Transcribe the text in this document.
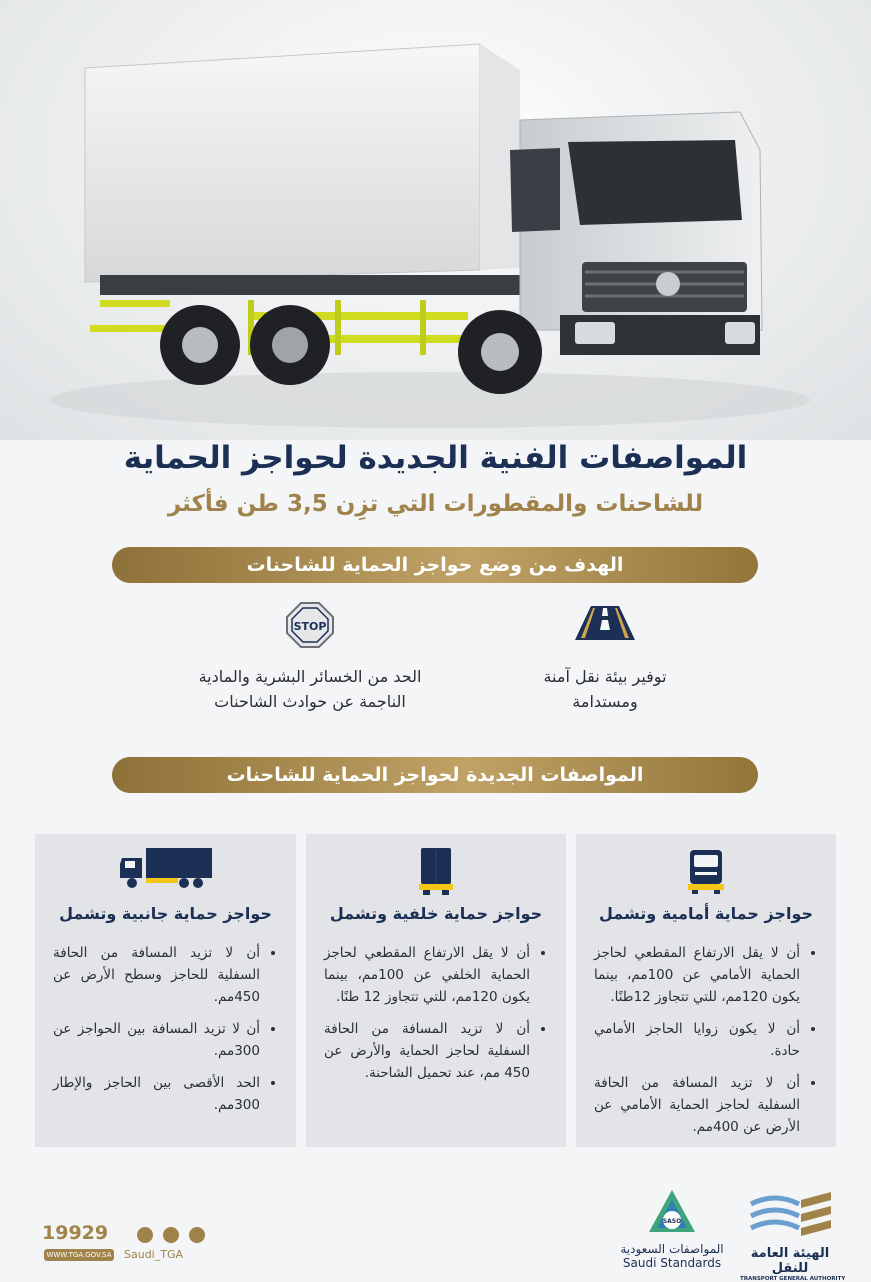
المواصفات الفنية الجديدة لحواجز الحماية
للشاحنات والمقطورات التي تزِن 3,5 طن فأكثر
الهدف من وضع حواجز الحماية للشاحنات
توفير بيئة نقل آمنة
ومستدامة
STOP
الحد من الخسائر البشرية والمادية
الناجمة عن حوادث الشاحنات
المواصفات الجديدة لحواجز الحماية للشاحنات
حواجز حماية أمامية وتشمل
• أن لا يقل الارتفاع المقطعي لحاجز الحماية الأمامي عن 100مم، بينما يكون 120مم، للتي تتجاوز 12طنًا.
• أن لا يكون زوايا الحاجز الأمامي حادة.
• أن لا تزيد المسافة من الحافة السفلية لحاجز الحماية الأمامي عن الأرض عن 400مم.
حواجز حماية خلفية وتشمل
• أن لا يقل الارتفاع المقطعي لحاجز الحماية الخلفي عن 100مم، بينما يكون 120مم، للتي تتجاوز 12 طنًا.
• أن لا تزيد المسافة من الحافة السفلية لحاجز الحماية والأرض عن 450 مم، عند تحميل الشاحنة.
حواجز حماية جانبية وتشمل
• أن لا تزيد المسافة من الحافة السفلية للحاجز وسطح الأرض عن 450مم.
• أن لا تزيد المسافة بين الحواجز عن 300مم.
• الحد الأقصى بين الحاجز والإطار 300مم.
الهيئة العامة للنقل
TRANSPORT GENERAL AUTHORITY
SASO
المواصفات السعودية
Saudi Standards
19929
WWW.TGA.GOV.SA Saudi_TGA
